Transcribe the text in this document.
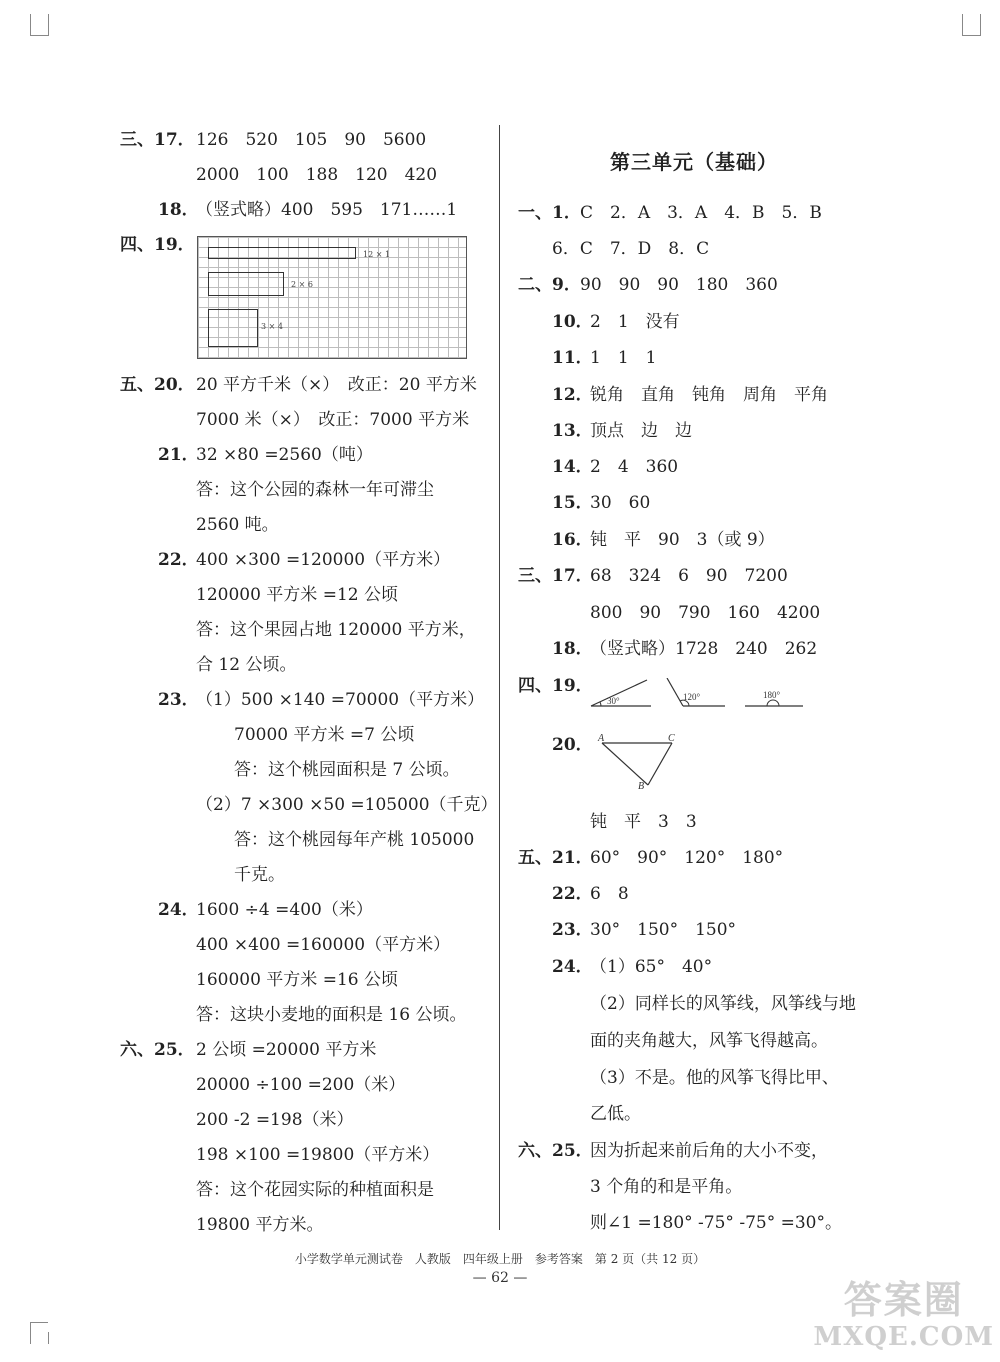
三、17． 126　520　105　90　5600
2000　100　188　120　420
18．
（竖式略）400　595　171……1
四、19．	12 × 1
2 × 6
3 × 4
五、20． 20 平方千米（×）　改正：20 平方米
7000 米（×）　改正：7000 平方米
21．
32 ×80 =2560（吨）
答：这个公园的森林一年可滞尘
2560 吨。
22．
400 ×300 =120000（平方米）
120000 平方米 =12 公顷
答：这个果园占地 120000 平方米，
合 12 公顷。
23．
（1）500 ×140 =70000（平方米）
70000 平方米 =7 公顷
答：这个桃园面积是 7 公顷。
（2）7 ×300 ×50 =105000（千克）
答：这个桃园每年产桃 105000
千克。
24．
1600 ÷4 =400（米）
400 ×400 =160000（平方米）
160000 平方米 =16 公顷
答：这块小麦地的面积是 16 公顷。
六、25． 2 公顷 =20000 平方米
20000 ÷100 =200（米）
200 -2 =198（米）
198 ×100 =19800（平方米）
答：这个花园实际的种植面积是
19800 平方米。
第三单元（基础）
一、1． C　2．A　3．A　4．B　5．B
6．C　7．D　8．C
二、9． 90　90　90　180　360
10．
2　1　没有
11．
1　1　1
12．
锐角　直角　钝角　周角　平角
13．
顶点　边　边
14．
2　4　360
15．
30　60
16．
钝　平　90　3（或 9）
三、17．
68　324　6　90　7200
800　90　790　160　4200
18．
（竖式略）1728　240　262
四、19．
30°	120°	180°
20． A	C
B
钝　平　3　3
五、21．
60°　90°　120°　180°
22．
6　8
23．
30°　150°　150°
24．
（1）65°　40°
（2）同样长的风筝线，风筝线与地
面的夹角越大，风筝飞得越高。
（3）不是。他的风筝飞得比甲、
乙低。
六、25．
因为折起来前后角的大小不变，
3 个角的和是平角。
则∠1 =180° -75° -75° =30°。
小学数学单元测试卷　人教版　四年级上册　参考答案　第 2 页（共 12 页）
— 62 —	答案圈
MXQE.COM
